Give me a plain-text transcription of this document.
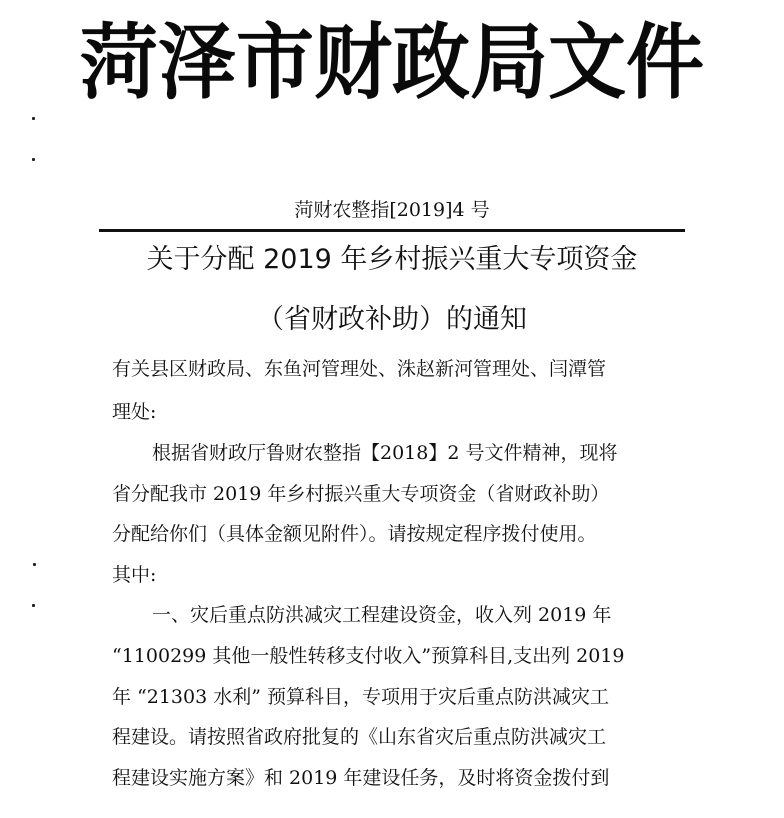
菏泽市财政局文件
菏财农整指[2019]4 号
关于分配 2019 年乡村振兴重大专项资金
（省财政补助）的通知
有关县区财政局、东鱼河管理处、洙赵新河管理处、闫潭管
理处:
根据省财政厅鲁财农整指【2018】2 号文件精神，现将
省分配我市 2019 年乡村振兴重大专项资金（省财政补助）
分配给你们（具体金额见附件）。请按规定程序拨付使用。
其中:
一、灾后重点防洪减灾工程建设资金，收入列 2019 年
“1100299 其他一般性转移支付收入”预算科目,支出列 2019
年 “21303 水利” 预算科目，专项用于灾后重点防洪减灾工
程建设。请按照省政府批复的《山东省灾后重点防洪减灾工
程建设实施方案》和 2019 年建设任务，及时将资金拨付到
